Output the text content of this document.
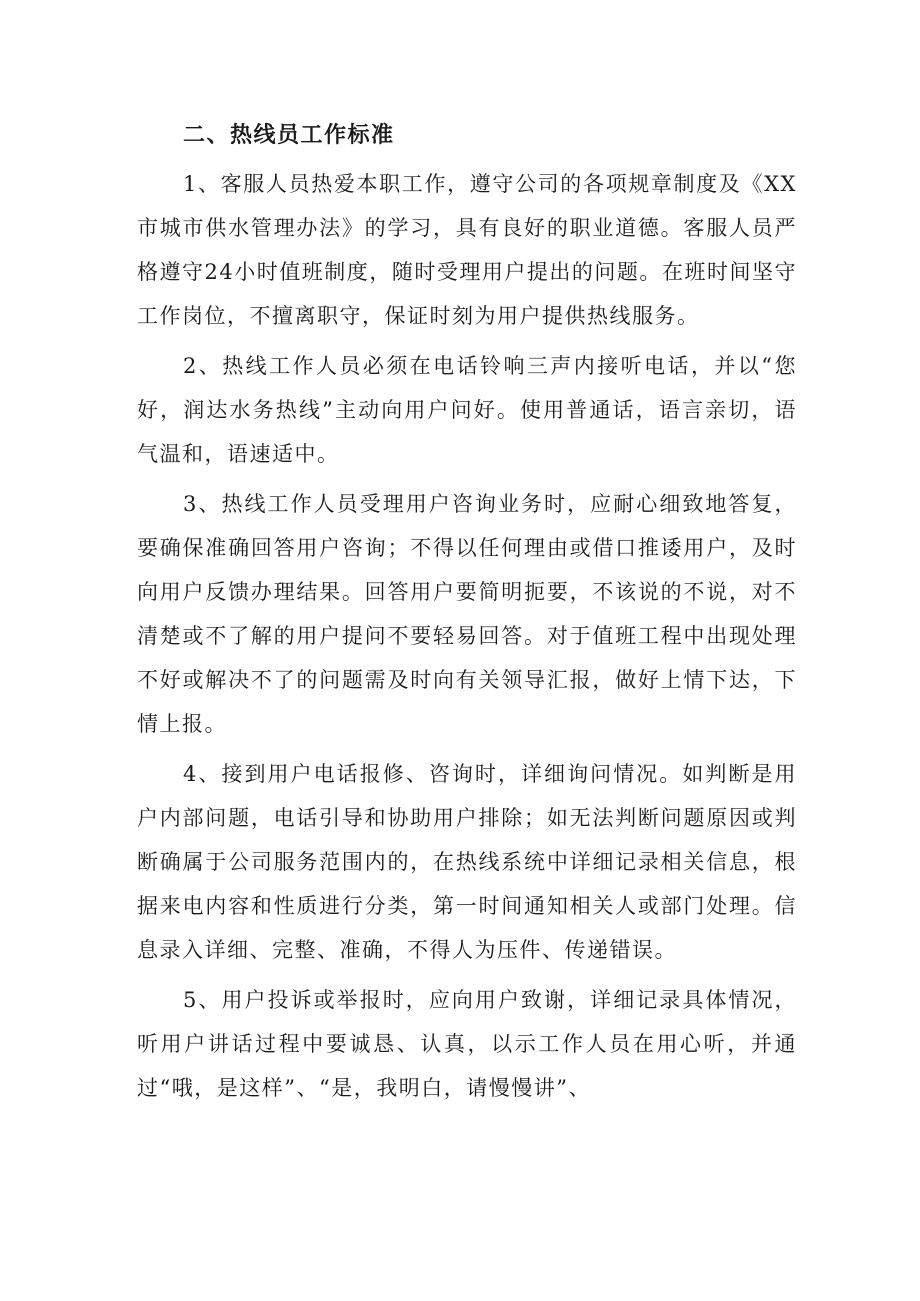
二、热线员工作标准

1、客服人员热爱本职工作，遵守公司的各项规章制度及《XX市城市供水管理办法》的学习，具有良好的职业道德。客服人员严格遵守24小时值班制度，随时受理用户提出的问题。在班时间坚守工作岗位，不擅离职守，保证时刻为用户提供热线服务。

2、热线工作人员必须在电话铃响三声内接听电话，并以“您好，润达水务热线”主动向用户问好。使用普通话，语言亲切，语气温和，语速适中。

3、热线工作人员受理用户咨询业务时，应耐心细致地答复，要确保准确回答用户咨询；不得以任何理由或借口推诿用户，及时向用户反馈办理结果。回答用户要简明扼要，不该说的不说，对不清楚或不了解的用户提问不要轻易回答。对于值班工程中出现处理不好或解决不了的问题需及时向有关领导汇报，做好上情下达，下情上报。

4、接到用户电话报修、咨询时，详细询问情况。如判断是用户内部问题，电话引导和协助用户排除；如无法判断问题原因或判断确属于公司服务范围内的，在热线系统中详细记录相关信息，根据来电内容和性质进行分类，第一时间通知相关人或部门处理。信息录入详细、完整、准确，不得人为压件、传递错误。

5、用户投诉或举报时，应向用户致谢，详细记录具体情况，听用户讲话过程中要诚恳、认真，以示工作人员在用心听，并通过“哦，是这样”、“是，我明白，请慢慢讲”、
